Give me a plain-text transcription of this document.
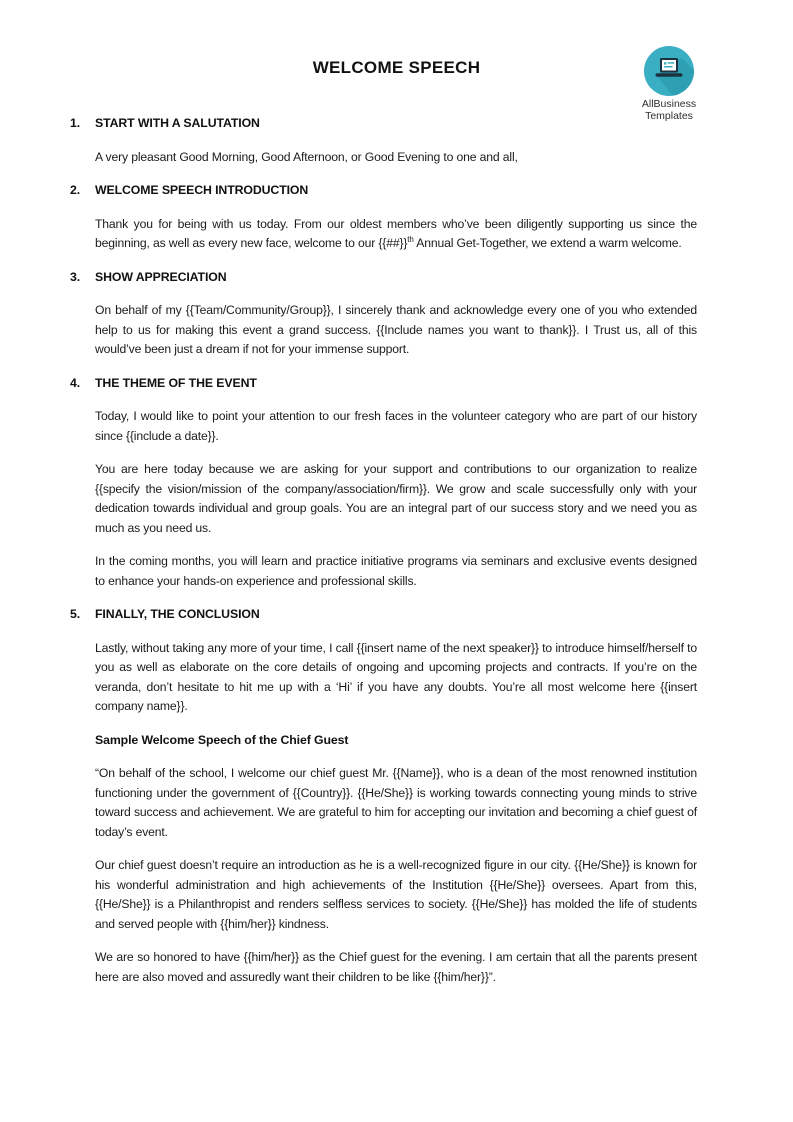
WELCOME SPEECH
AllBusiness
Templates
1.	START WITH A SALUTATION

A very pleasant Good Morning, Good Afternoon, or Good Evening to one and all,

2.	WELCOME SPEECH INTRODUCTION

Thank you for being with us today. From our oldest members who’ve been diligently supporting us since the beginning, as well as every new face, welcome to our {{##}}$^{th}$ Annual Get-Together, we extend a warm welcome.

3.	SHOW APPRECIATION

On behalf of my {{Team/Community/Group}}, I sincerely thank and acknowledge every one of you who extended help to us for making this event a grand success. {{Include names you want to thank}}. I Trust us, all of this would’ve been just a dream if not for your immense support.

4.	THE THEME OF THE EVENT

Today, I would like to point your attention to our fresh faces in the volunteer category who are part of our history since {{include a date}}.

You are here today because we are asking for your support and contributions to our organization to realize {{specify the vision/mission of the company/association/firm}}. We grow and scale successfully only with your dedication towards individual and group goals. You are an integral part of our success story and we need you as much as you need us.

In the coming months, you will learn and practice initiative programs via seminars and exclusive events designed to enhance your hands-on experience and professional skills.

5.	FINALLY, THE CONCLUSION

Lastly, without taking any more of your time, I call {{insert name of the next speaker}} to introduce himself/herself to you as well as elaborate on the core details of ongoing and upcoming projects and contracts. If you’re on the veranda, don’t hesitate to hit me up with a ‘Hi’ if you have any doubts. You’re all most welcome here {{insert company name}}.

Sample Welcome Speech of the Chief Guest

“On behalf of the school, I welcome our chief guest Mr. {{Name}}, who is a dean of the most renowned institution functioning under the government of {{Country}}. {{He/She}} is working towards connecting young minds to strive toward success and achievement. We are grateful to him for accepting our invitation and becoming a chief guest of today’s event.

Our chief guest doesn’t require an introduction as he is a well-recognized figure in our city. {{He/She}} is known for his wonderful administration and high achievements of the Institution {{He/She}} oversees. Apart from this, {{He/She}} is a Philanthropist and renders selfless services to society. {{He/She}} has molded the life of students and served people with {{him/her}} kindness.

We are so honored to have {{him/her}} as the Chief guest for the evening. I am certain that all the parents present here are also moved and assuredly want their children to be like {{him/her}}”.
